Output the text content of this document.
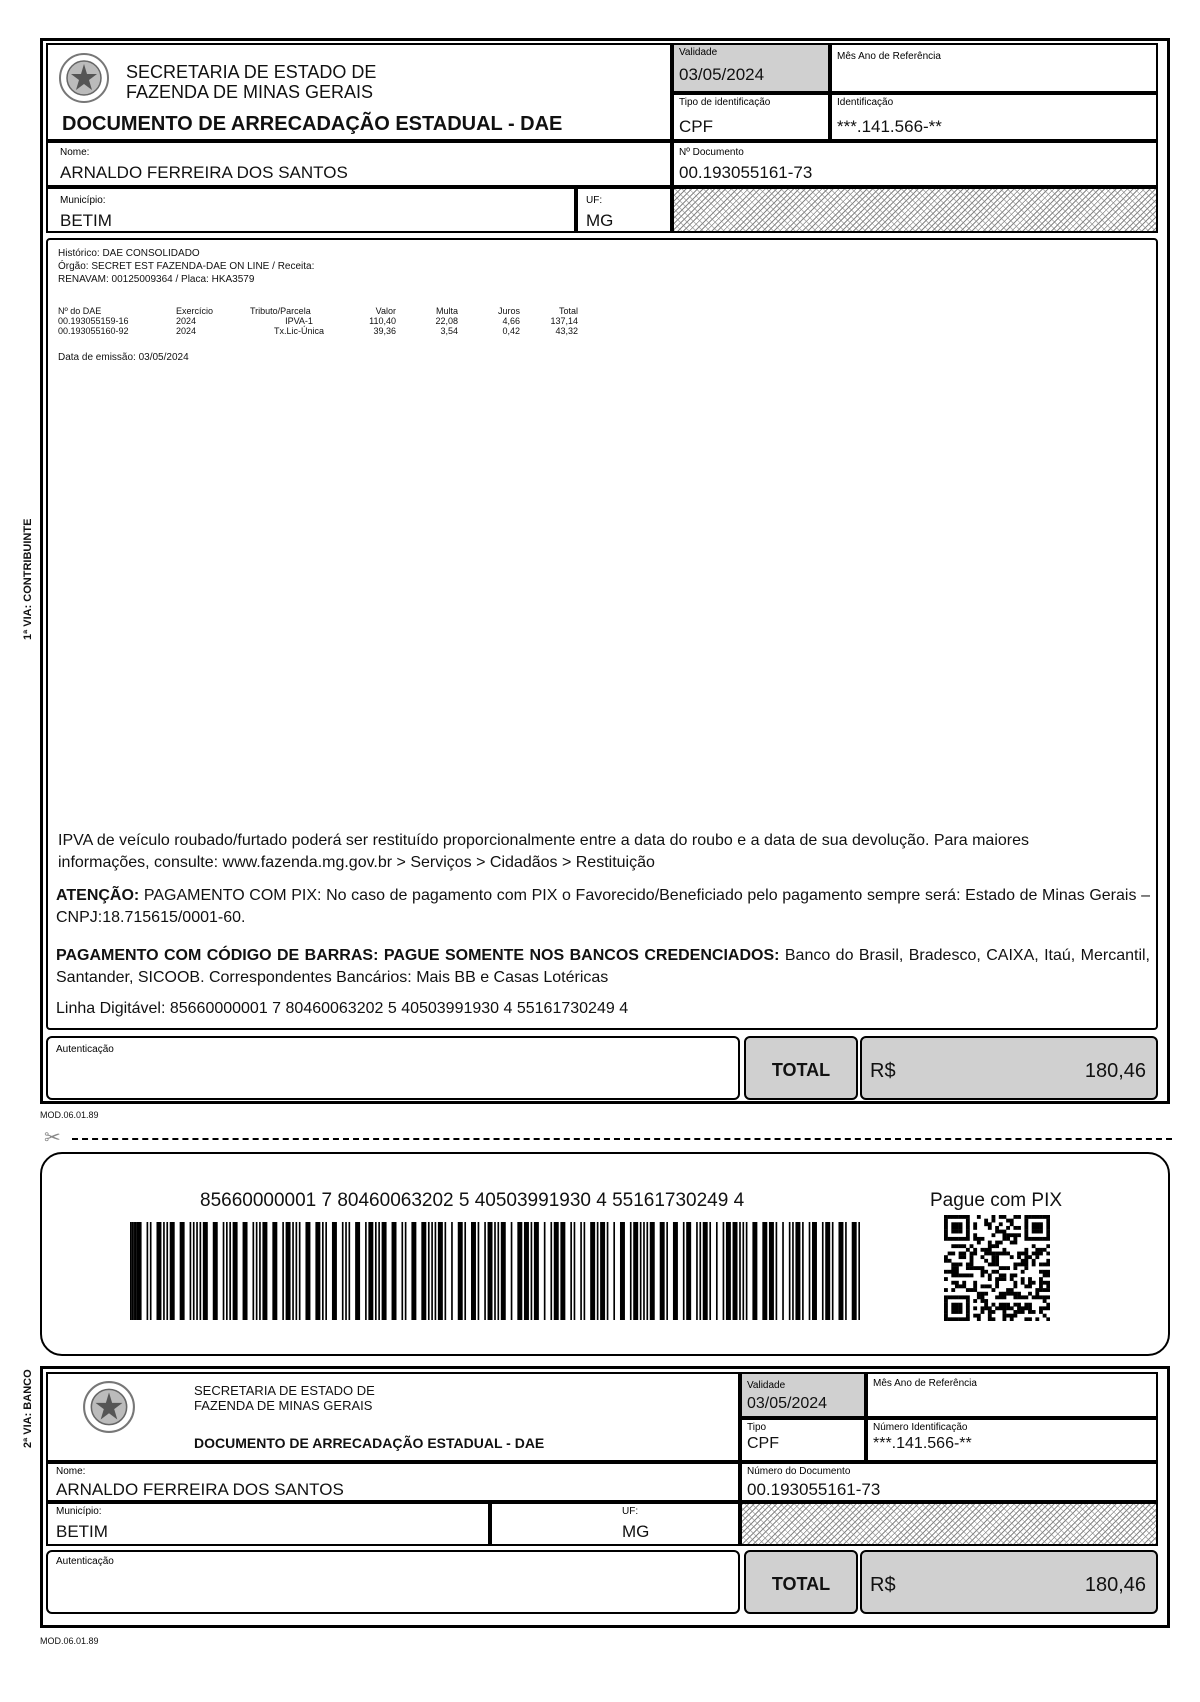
1ª VIA: CONTRIBUINTE
SECRETARIA DE ESTADO DE
FAZENDA DE MINAS GERAIS
DOCUMENTO DE ARRECADAÇÃO ESTADUAL - DAE
Validade
03/05/2024
Mês Ano de Referência
Tipo de identificação
CPF
Identificação
***.141.566-**
Nome:
ARNALDO FERREIRA DOS SANTOS
Nº Documento
00.193055161-73
Município:
BETIM
UF:
MG
Histórico: DAE CONSOLIDADO
Órgão: SECRET EST FAZENDA-DAE ON LINE / Receita:
RENAVAM: 00125009364 / Placa: HKA3579
Nº do DAE	Exercício	Tributo/Parcela	Valor	Multa	Juros	Total
00.193055159-16	2024	IPVA-1	110,40	22,08	4,66	137,14
00.193055160-92	2024	Tx.Lic-Única	39,36	3,54	0,42	43,32
Data de emissão: 03/05/2024
IPVA de veículo roubado/furtado poderá ser restituído proporcionalmente entre a data do roubo e a data de sua devolução. Para maiores informações, consulte: www.fazenda.mg.gov.br > Serviços > Cidadãos > Restituição
ATENÇÃO: PAGAMENTO COM PIX: No caso de pagamento com PIX o Favorecido/Beneficiado pelo pagamento sempre será: Estado de Minas Gerais – CNPJ:18.715615/0001-60.
PAGAMENTO COM CÓDIGO DE BARRAS: PAGUE SOMENTE NOS BANCOS CREDENCIADOS: Banco do Brasil, Bradesco, CAIXA, Itaú, Mercantil, Santander, SICOOB. Correspondentes Bancários: Mais BB e Casas Lotéricas
Linha Digitável: 85660000001 7 80460063202 5 40503991930 4 55161730249 4
Autenticação
TOTAL	R$	180,46
MOD.06.01.89
✂
85660000001 7 80460063202 5 40503991930 4 55161730249 4	Pague com PIX
2ª VIA: BANCO	SECRETARIA DE ESTADO DE
FAZENDA DE MINAS GERAIS
DOCUMENTO DE ARRECADAÇÃO ESTADUAL - DAE
Validade
03/05/2024
Mês Ano de Referência
Tipo
CPF
Número Identificação
***.141.566-**
Nome:
ARNALDO FERREIRA DOS SANTOS
Número do Documento
00.193055161-73
Município:
BETIM
UF:
MG
Autenticação
TOTAL	R$	180,46
MOD.06.01.89
